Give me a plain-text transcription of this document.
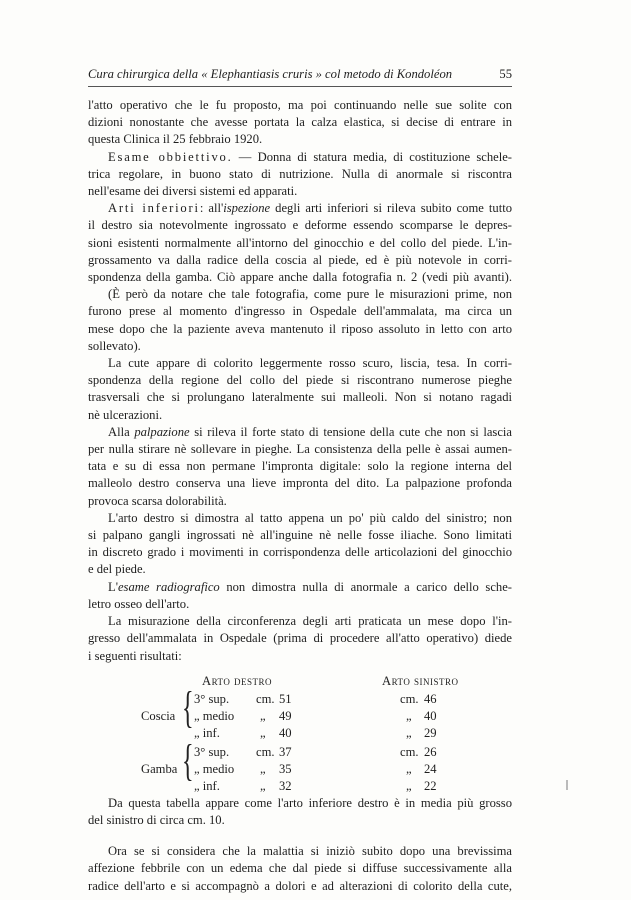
Cura chirurgica della « Elephantiasis cruris » col metodo di Kondoléon	55

l'atto operativo che le fu proposto, ma poi continuando nelle sue solite con

dizioni nonostante che avesse portata la calza elastica, si decise di entrare in

questa Clinica il 25 febbraio 1920.

Esame obbiettivo. — Donna di statura media, di costituzione schele-

trica regolare, in buono stato di nutrizione. Nulla di anormale si riscontra

nell'esame dei diversi sistemi ed apparati.

Arti inferiori: all'ispezione degli arti inferiori si rileva subito come tutto

il destro sia notevolmente ingrossato e deforme essendo scomparse le depres-

sioni esistenti normalmente all'intorno del ginocchio e del collo del piede. L'in-

grossamento va dalla radice della coscia al piede, ed è più notevole in corri-

spondenza della gamba. Ciò appare anche dalla fotografia n. 2 (vedi più avanti).

(È però da notare che tale fotografia, come pure le misurazioni prime, non

furono prese al momento d'ingresso in Ospedale dell'ammalata, ma circa un

mese dopo che la paziente aveva mantenuto il riposo assoluto in letto con arto

sollevato).

La cute appare di colorito leggermente rosso scuro, liscia, tesa. In corri-

spondenza della regione del collo del piede si riscontrano numerose pieghe

trasversali che si prolungano lateralmente sui malleoli. Non si notano ragadi

nè ulcerazioni.

Alla palpazione si rileva il forte stato di tensione della cute che non si lascia

per nulla stirare nè sollevare in pieghe. La consistenza della pelle è assai aumen-

tata e su di essa non permane l'impronta digitale: solo la regione interna del

malleolo destro conserva una lieve impronta del dito. La palpazione profonda

provoca scarsa dolorabilità.

L'arto destro si dimostra al tatto appena un po' più caldo del sinistro; non

si palpano gangli ingrossati nè all'inguine nè nelle fosse iliache. Sono limitati

in discreto grado i movimenti in corrispondenza delle articolazioni del ginocchio

e del piede.

L'esame radiografico non dimostra nulla di anormale a carico dello sche-

letro osseo dell'arto.

La misurazione della circonferenza degli arti praticata un mese dopo l'in-

gresso dell'ammalata in Ospedale (prima di procedere all'atto operativo) diede

i seguenti risultati:

Arto destro	Arto sinistro
Coscia { 3° sup. cm. 51	cm. 46
„ medio „ 49	„ 40
„ inf.	„ 40	„ 29
Gamba { 3° sup. cm. 37	cm. 26
„ medio „ 35	„ 24
„ inf.	„ 32	„ 22

Da questa tabella appare come l'arto inferiore destro è in media più grosso

del sinistro di circa cm. 10.

Ora se si considera che la malattia si iniziò subito dopo una brevissima

affezione febbrile con un edema che dal piede si diffuse successivamente alla

radice dell'arto e si accompagnò a dolori e ad alterazioni di colorito della cute,
